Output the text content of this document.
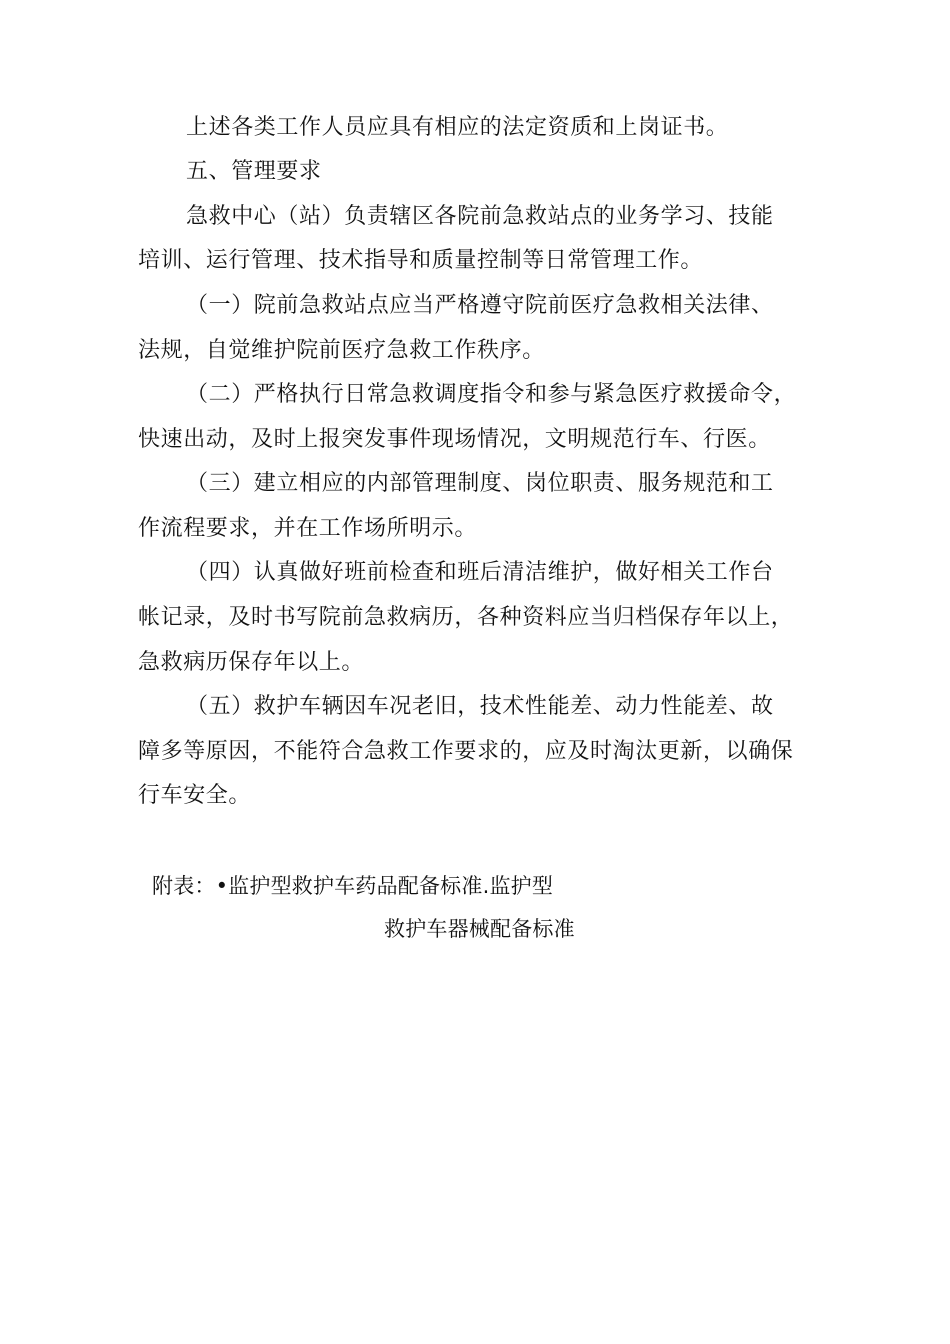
上述各类工作人员应具有相应的法定资质和上岗证书。
五、管理要求
急救中心（站）负责辖区各院前急救站点的业务学习、技能
培训、运行管理、技术指导和质量控制等日常管理工作。
（一）院前急救站点应当严格遵守院前医疗急救相关法律、
法规，自觉维护院前医疗急救工作秩序。
（二）严格执行日常急救调度指令和参与紧急医疗救援命令，
快速出动，及时上报突发事件现场情况，文明规范行车、行医。
（三）建立相应的内部管理制度、岗位职责、服务规范和工
作流程要求，并在工作场所明示。
（四）认真做好班前检查和班后清洁维护，做好相关工作台
帐记录，及时书写院前急救病历，各种资料应当归档保存年以上，
急救病历保存年以上。
（五）救护车辆因车况老旧，技术性能差、动力性能差、故
障多等原因，不能符合急救工作要求的，应及时淘汰更新，以确保
行车安全。
附表：•监护型救护车药品配备标准.监护型
救护车器械配备标准
